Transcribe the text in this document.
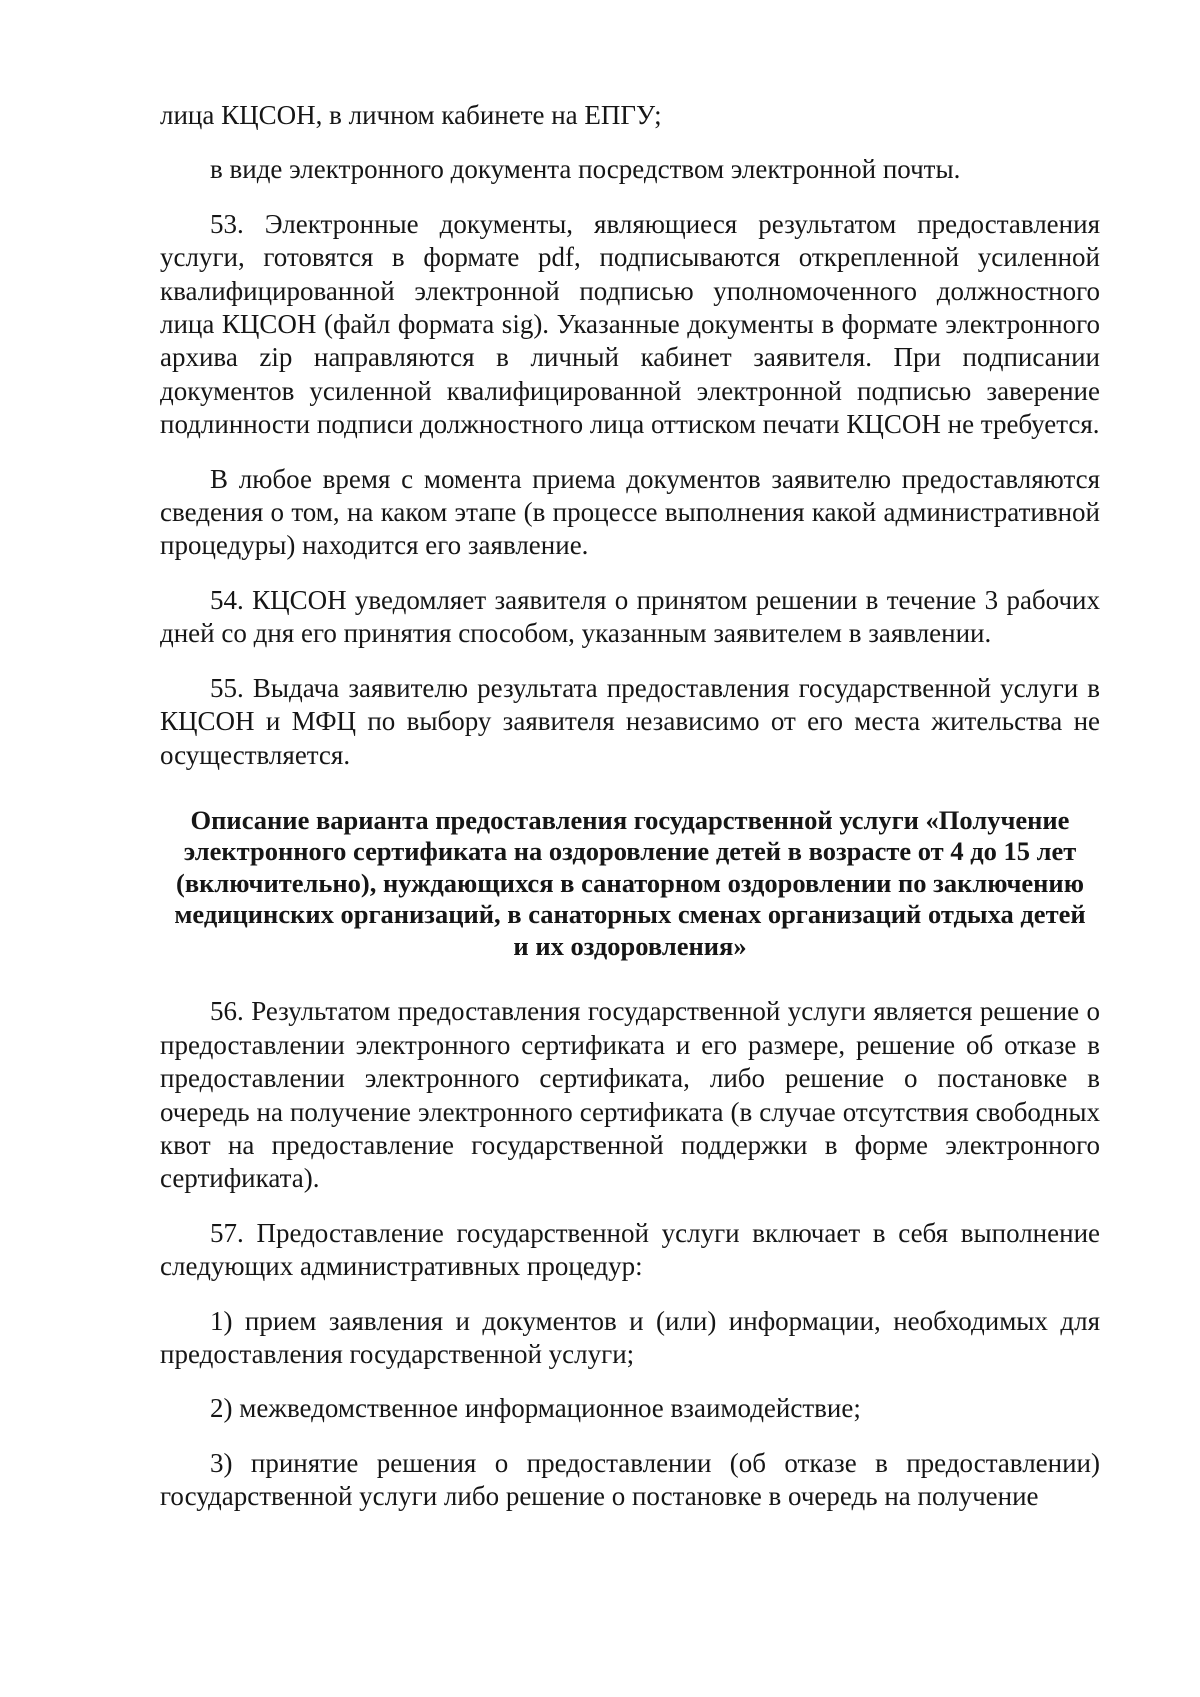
лица КЦСОН, в личном кабинете на ЕПГУ;

в виде электронного документа посредством электронной почты.

53. Электронные документы, являющиеся результатом предоставления услуги, готовятся в формате pdf, подписываются открепленной усиленной квалифицированной электронной подписью уполномоченного должностного лица КЦСОН (файл формата sig). Указанные документы в формате электронного архива zip направляются в личный кабинет заявителя. При подписании документов усиленной квалифицированной электронной подписью заверение подлинности подписи должностного лица оттиском печати КЦСОН не требуется.

В любое время с момента приема документов заявителю предоставляются сведения о том, на каком этапе (в процессе выполнения какой административной процедуры) находится его заявление.

54. КЦСОН уведомляет заявителя о принятом решении в течение 3 рабочих дней со дня его принятия способом, указанным заявителем в заявлении.

55. Выдача заявителю результата предоставления государственной услуги в КЦСОН и МФЦ по выбору заявителя независимо от его места жительства не осуществляется.

Описание варианта предоставления государственной услуги «Получение электронного сертификата на оздоровление детей в возрасте от 4 до 15 лет (включительно), нуждающихся в санаторном оздоровлении по заключению медицинских организаций, в санаторных сменах организаций отдыха детей и их оздоровления»

56. Результатом предоставления государственной услуги является решение о предоставлении электронного сертификата и его размере, решение об отказе в предоставлении электронного сертификата, либо решение о постановке в очередь на получение электронного сертификата (в случае отсутствия свободных квот на предоставление государственной поддержки в форме электронного сертификата).

57. Предоставление государственной услуги включает в себя выполнение следующих административных процедур:

1) прием заявления и документов и (или) информации, необходимых для предоставления государственной услуги;

2) межведомственное информационное взаимодействие;

3) принятие решения о предоставлении (об отказе в предоставлении) государственной услуги либо решение о постановке в очередь на получение
